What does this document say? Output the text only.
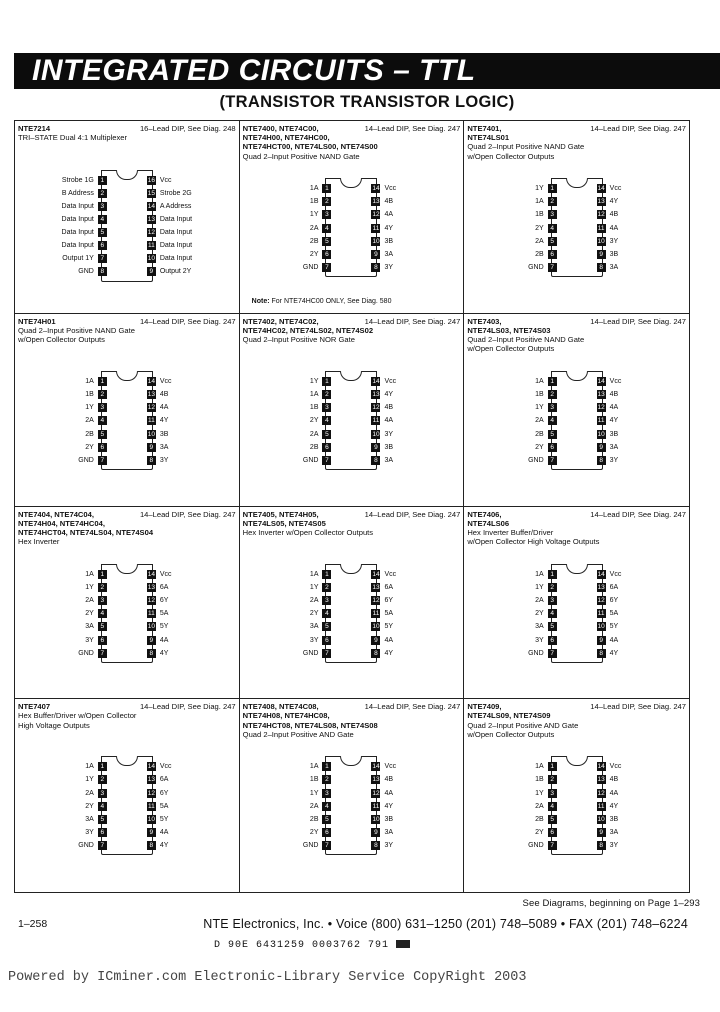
INTEGRATED CIRCUITS – TTL
(TRANSISTOR TRANSISTOR LOGIC)
NTE7214	16–Lead DIP, See Diag. 248
TRI–STATE Dual 4:1 Multiplexer
1
Strobe 1G
2
B Address
3
Data Input
4
Data Input
5
Data Input
6
Data Input
7
Output 1Y
8
GND
16 Vcc
15 Strobe 2G
14 A Address
13 Data Input
12 Data Input
11 Data Input
10 Data Input
9 Output 2Y
NTE7400, NTE74C00,	14–Lead DIP, See Diag. 247
NTE74H00, NTE74HC00,
NTE74HCT00, NTE74LS00, NTE74S00
Quad 2–Input Positive NAND Gate
1
1A
2
1B
3
1Y
4
2A
5
2B
6
2Y
7
GND
14 Vcc
13 4B
12 4A
11 4Y
10 3B
9 3A
8 3Y
Note: For NTE74HC00 ONLY, See Diag. 580
NTE7401,	14–Lead DIP, See Diag. 247
NTE74LS01
Quad 2–Input Positive NAND Gate
w/Open Collector Outputs
1
1Y
2
1A
3
1B
4
2Y
5
2A
6
2B
7
GND
14 Vcc
13 4Y
12 4B
11 4A
10 3Y
9 3B
8 3A
NTE74H01	14–Lead DIP, See Diag. 247
Quad 2–Input Positive NAND Gate
w/Open Collector Outputs
1
1A
2
1B
3
1Y
4
2A
5
2B
6
2Y
7
GND
14 Vcc
13 4B
12 4A
11 4Y
10 3B
9 3A
8 3Y
NTE7402, NTE74C02,	14–Lead DIP, See Diag. 247
NTE74HC02, NTE74LS02, NTE74S02
Quad 2–Input Positive NOR Gate
1
1Y
2
1A
3
1B
4
2Y
5
2A
6
2B
7
GND
14 Vcc
13 4Y
12 4B
11 4A
10 3Y
9 3B
8 3A
NTE7403,	14–Lead DIP, See Diag. 247
NTE74LS03, NTE74S03
Quad 2–Input Positive NAND Gate
w/Open Collector Outputs
1
1A
2
1B
3
1Y
4
2A
5
2B
6
2Y
7
GND
14 Vcc
13 4B
12 4A
11 4Y
10 3B
9 3A
8 3Y
NTE7404, NTE74C04,	14–Lead DIP, See Diag. 247
NTE74H04, NTE74HC04,
NTE74HCT04, NTE74LS04, NTE74S04
Hex Inverter
1
1A
2
1Y
3
2A
4
2Y
5
3A
6
3Y
7
GND
14 Vcc
13 6A
12 6Y
11 5A
10 5Y
9 4A
8 4Y
NTE7405, NTE74H05,	14–Lead DIP, See Diag. 247
NTE74LS05, NTE74S05
Hex Inverter w/Open Collector Outputs
1
1A
2
1Y
3
2A
4
2Y
5
3A
6
3Y
7
GND
14 Vcc
13 6A
12 6Y
11 5A
10 5Y
9 4A
8 4Y
NTE7406,	14–Lead DIP, See Diag. 247
NTE74LS06
Hex Inverter Buffer/Driver
w/Open Collector High Voltage Outputs
1
1A
2
1Y
3
2A
4
2Y
5
3A
6
3Y
7
GND
14 Vcc
13 6A
12 6Y
11 5A
10 5Y
9 4A
8 4Y
NTE7407	14–Lead DIP, See Diag. 247
Hex Buffer/Driver w/Open Collector
High Voltage Outputs
1
1A
2
1Y
3
2A
4
2Y
5
3A
6
3Y
7
GND
14 Vcc
13 6A
12 6Y
11 5A
10 5Y
9 4A
8 4Y
NTE7408, NTE74C08,	14–Lead DIP, See Diag. 247
NTE74H08, NTE74HC08,
NTE74HCT08, NTE74LS08, NTE74S08
Quad 2–Input Positive AND Gate
1
1A
2
1B
3
1Y
4
2A
5
2B
6
2Y
7
GND
14 Vcc
13 4B
12 4A
11 4Y
10 3B
9 3A
8 3Y
NTE7409,	14–Lead DIP, See Diag. 247
NTE74LS09, NTE74S09
Quad 2–Input Positive AND Gate
w/Open Collector Outputs
1
1A
2
1B
3
1Y
4
2A
5
2B
6
2Y
7
GND
14 Vcc
13 4B
12 4A
11 4Y
10 3B
9 3A
8 3Y
See Diagrams, beginning on Page 1–293
1–258	NTE Electronics, Inc. • Voice (800) 631–1250 (201) 748–5089 • FAX (201) 748–6224
D 90E 6431259 0003762 791
Powered by ICminer.com Electronic-Library Service CopyRight 2003
